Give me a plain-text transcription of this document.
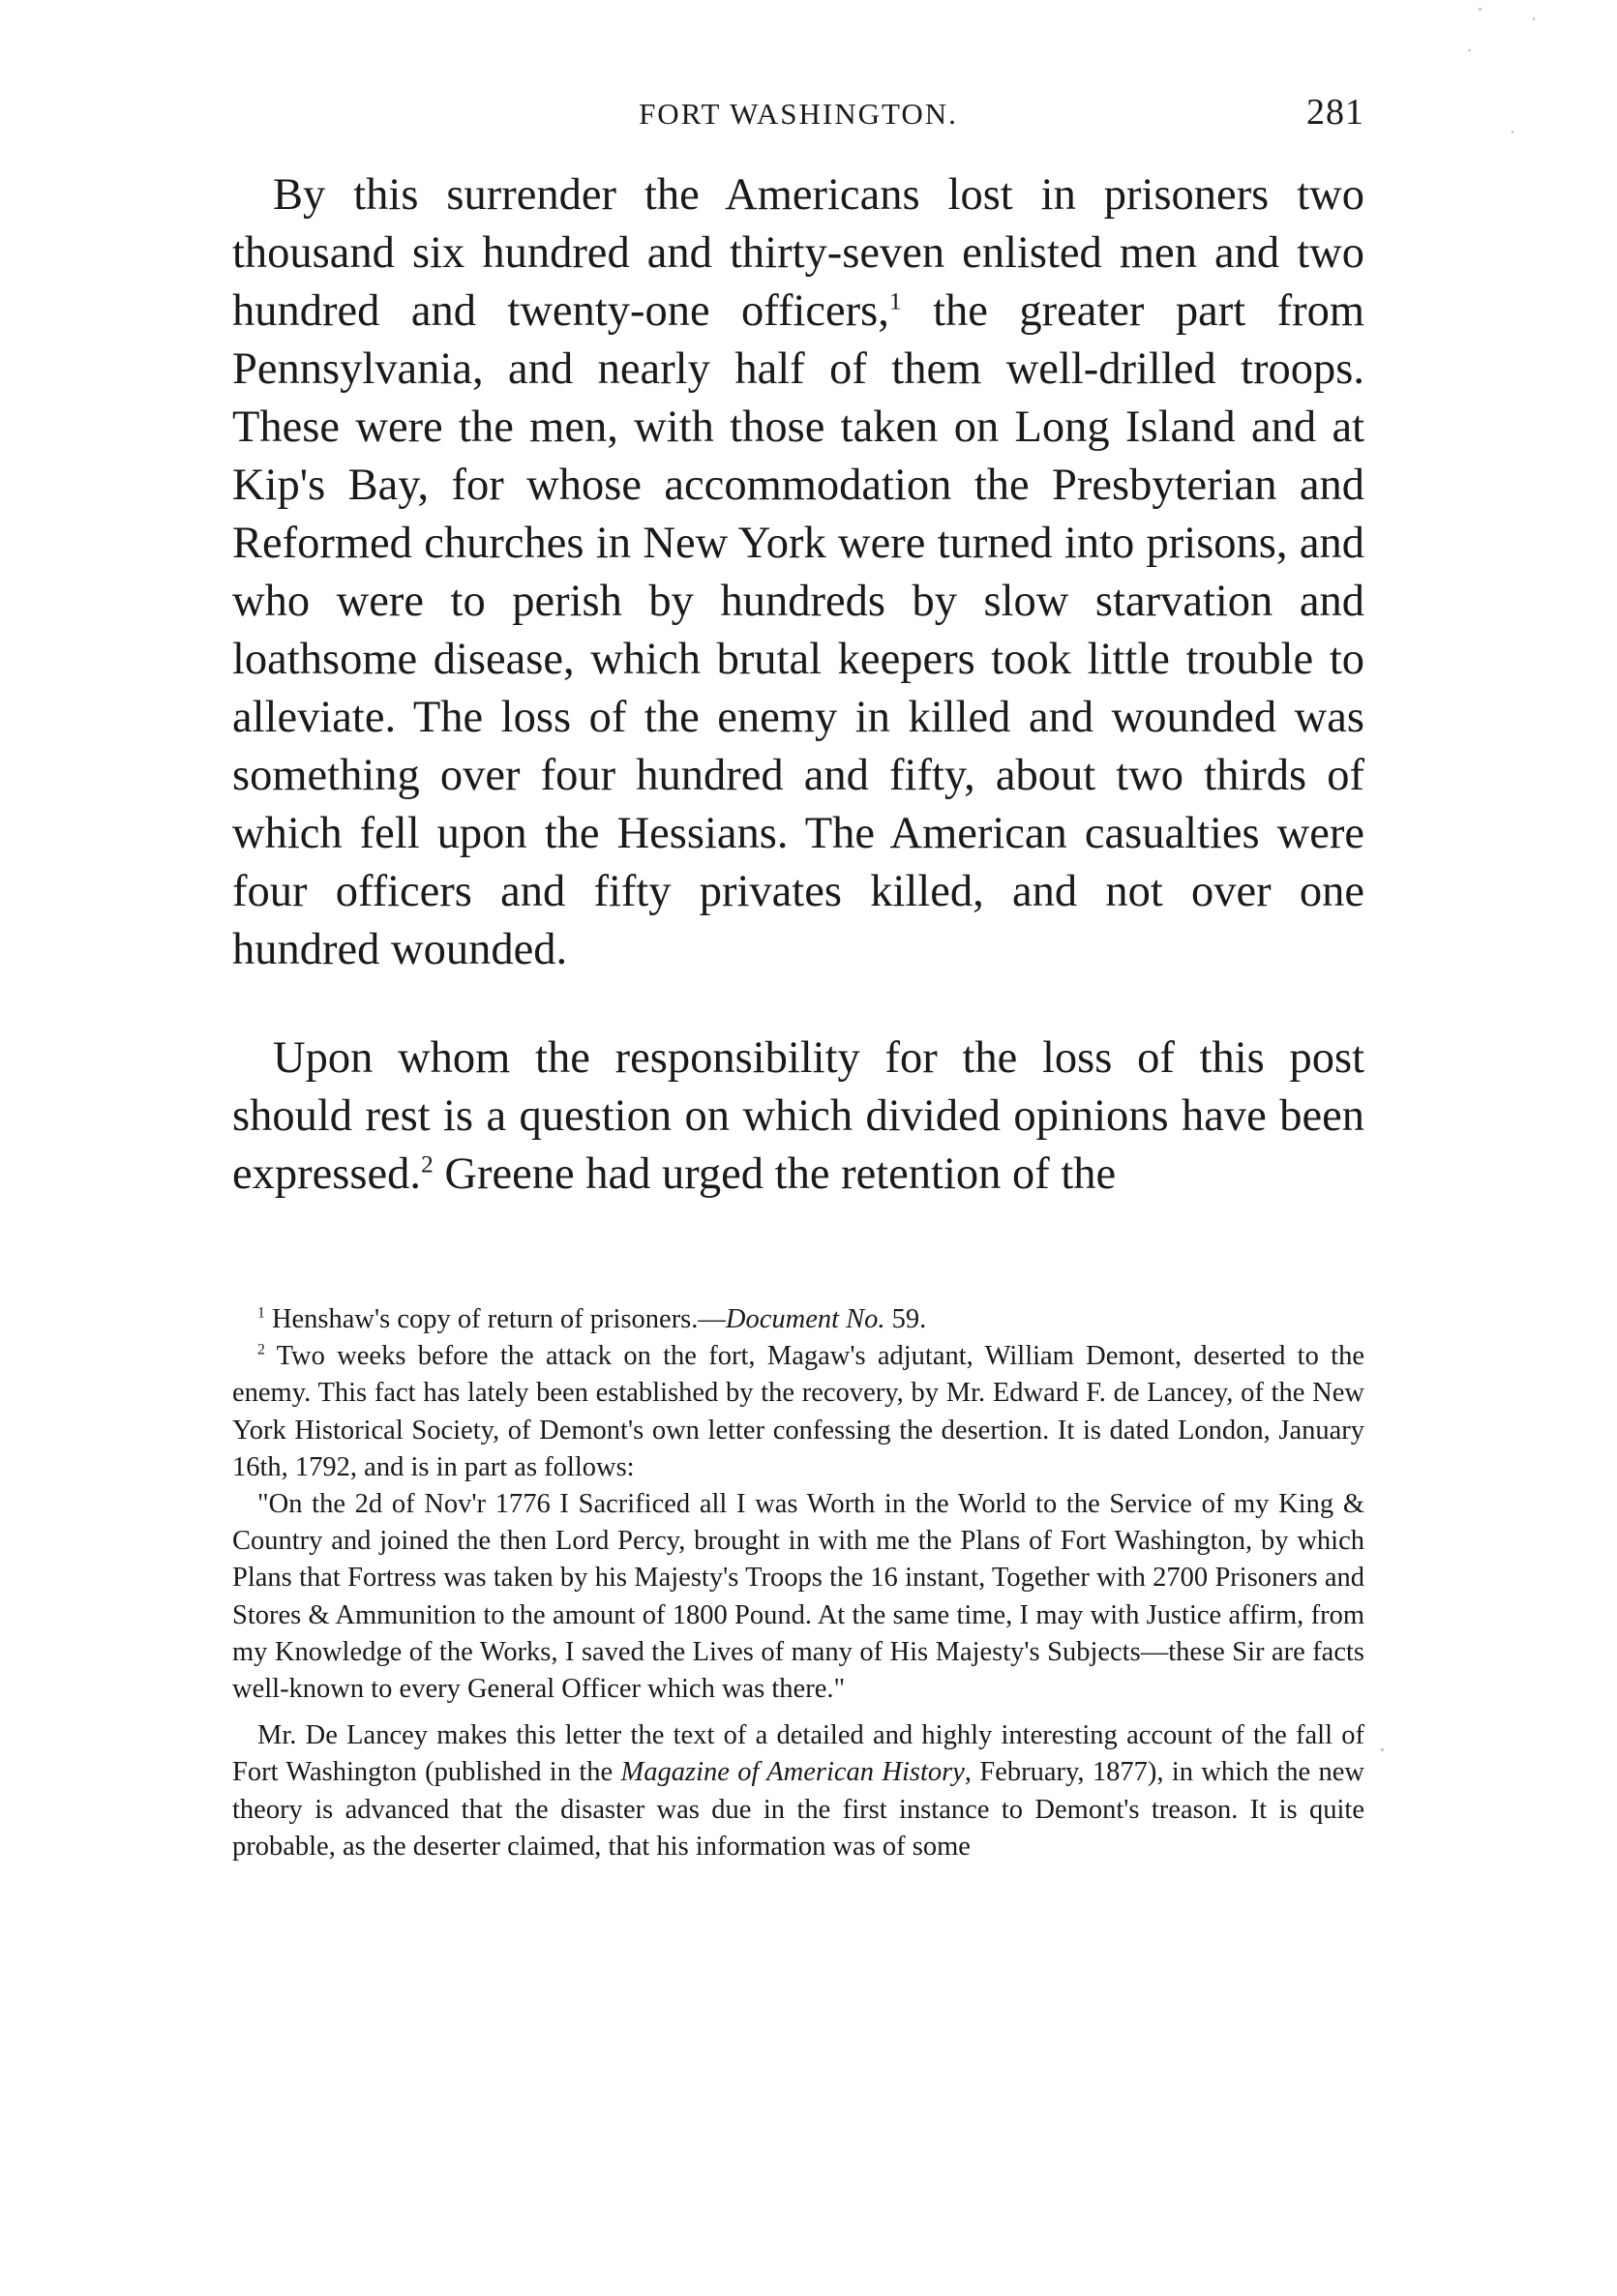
FORT WASHINGTON.	281

By this surrender the Americans lost in prisoners two thousand six hundred and thirty-seven enlisted men and two hundred and twenty-one officers,$^1$ the greater part from Pennsylvania, and nearly half of them well-drilled troops. These were the men, with those taken on Long Island and at Kip's Bay, for whose accommodation the Presbyterian and Reformed churches in New York were turned into prisons, and who were to perish by hundreds by slow starvation and loathsome disease, which brutal keepers took little trouble to alleviate. The loss of the enemy in killed and wounded was something over four hundred and fifty, about two thirds of which fell upon the Hessians. The American casualties were four officers and fifty privates killed, and not over one hundred wounded.

Upon whom the responsibility for the loss of this post should rest is a question on which divided opinions have been expressed.$^2$ Greene had urged the retention of the

$^1$ Henshaw's copy of return of prisoners.—Document No. 59.

$^2$ Two weeks before the attack on the fort, Magaw's adjutant, William Demont, deserted to the enemy. This fact has lately been established by the recovery, by Mr. Edward F. de Lancey, of the New York Historical Society, of Demont's own letter confessing the desertion. It is dated London, January 16th, 1792, and is in part as follows:

"On the 2d of Nov'r 1776 I Sacrificed all I was Worth in the World to the Service of my King & Country and joined the then Lord Percy, brought in with me the Plans of Fort Washington, by which Plans that Fortress was taken by his Majesty's Troops the 16 instant, Together with 2700 Prisoners and Stores & Ammunition to the amount of 1800 Pound. At the same time, I may with Justice affirm, from my Knowledge of the Works, I saved the Lives of many of His Majesty's Subjects—these Sir are facts well-known to every General Officer which was there."

Mr. De Lancey makes this letter the text of a detailed and highly interesting account of the fall of Fort Washington (published in the Magazine of American History, February, 1877), in which the new theory is advanced that the disaster was due in the first instance to Demont's treason. It is quite probable, as the deserter claimed, that his information was of some
